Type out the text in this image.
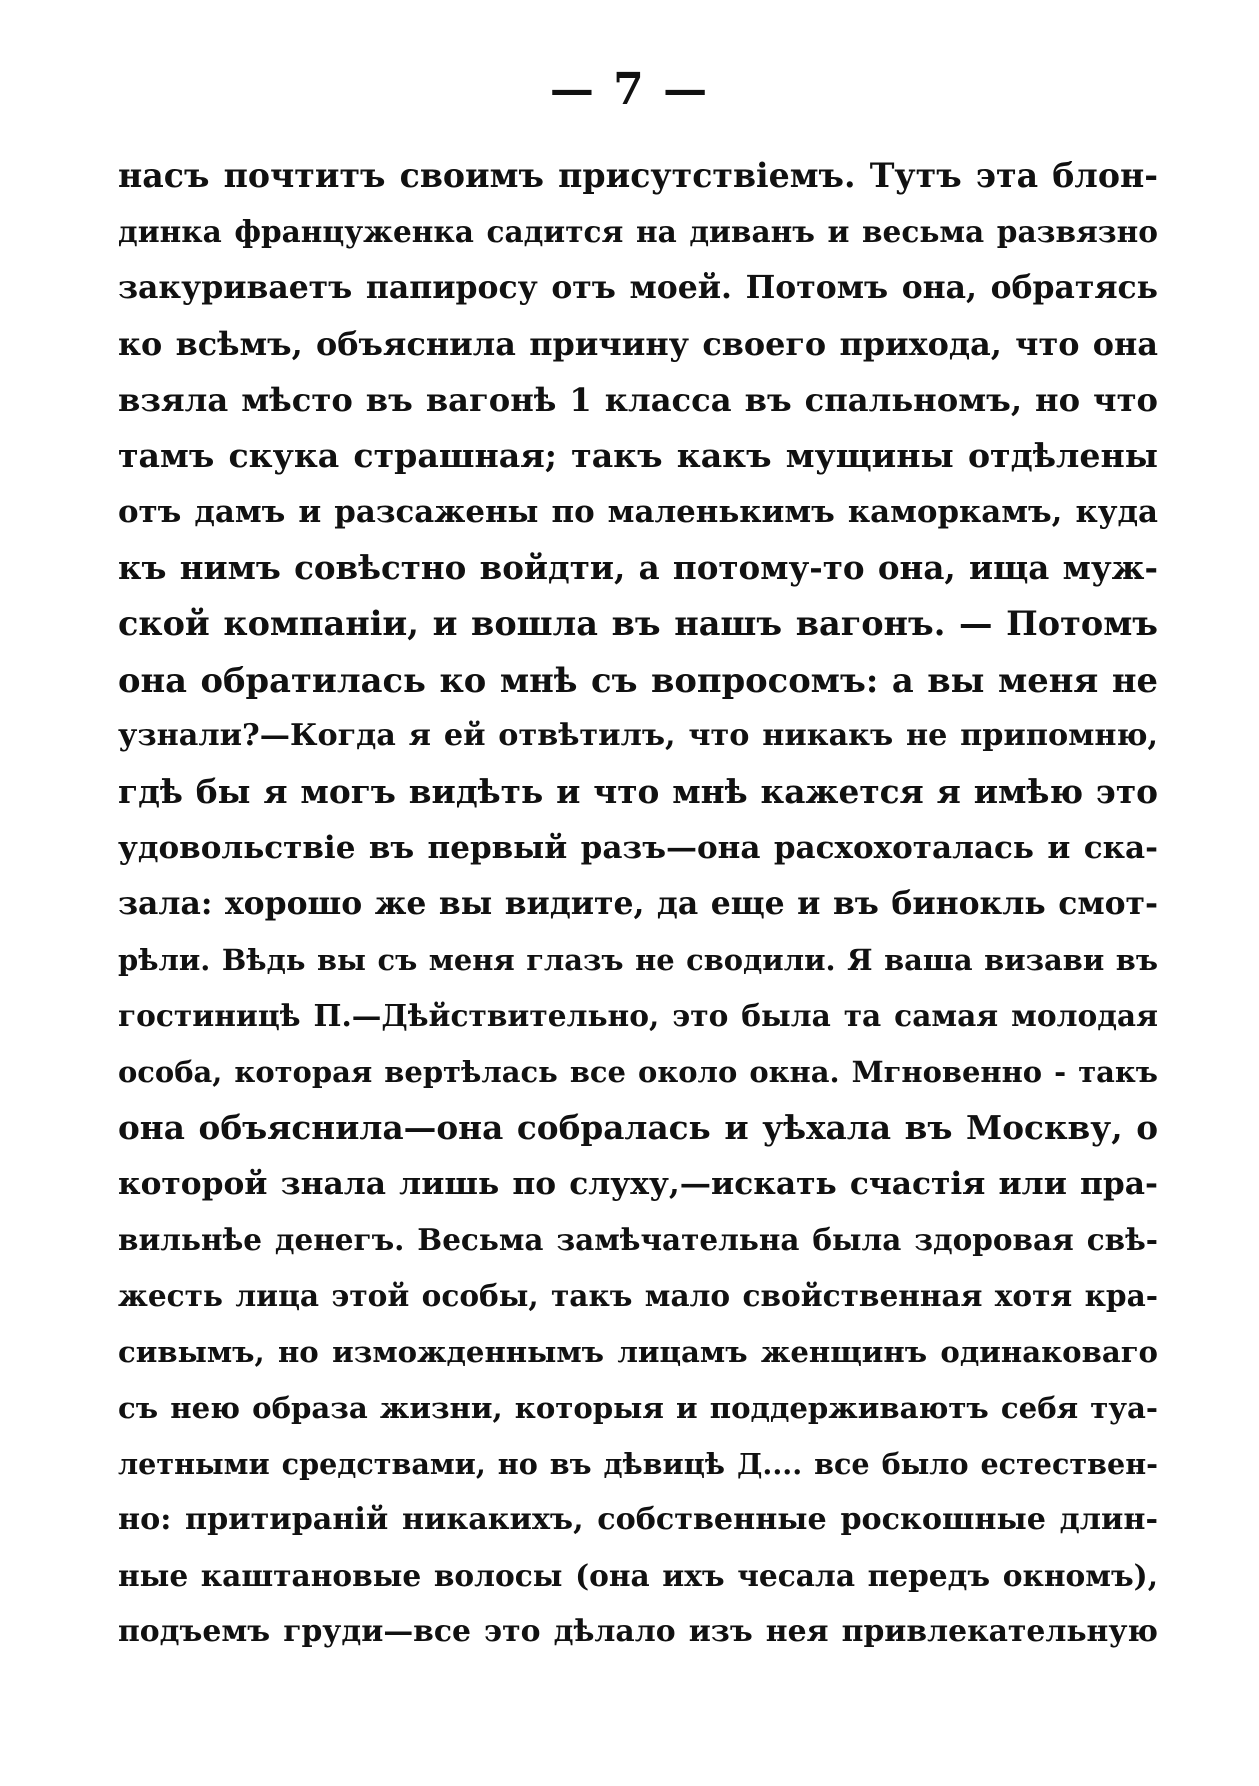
— 7 —
насъ почтитъ своимъ присутствіемъ. Тутъ эта блон-
динка француженка садится на диванъ и весьма развязно
закуриваетъ папиросу отъ моей. Потомъ она, обратясь
ко всѣмъ, объяснила причину своего прихода, что она
взяла мѣсто въ вагонѣ 1 класса въ спальномъ, но что
тамъ скука страшная; такъ какъ мущины отдѣлены
отъ дамъ и разсажены по маленькимъ каморкамъ, куда
къ нимъ совѣстно войдти, а потому-то она, ища муж-
ской компаніи, и вошла въ нашъ вагонъ. — Потомъ
она обратилась ко мнѣ съ вопросомъ: а вы меня не
узнали?—Когда я ей отвѣтилъ, что никакъ не припомню,
гдѣ бы я могъ видѣть и что мнѣ кажется я имѣю это
удовольствіе въ первый разъ—она расхохоталась и ска-
зала: хорошо же вы видите, да еще и въ бинокль смот-
рѣли. Вѣдь вы съ меня глазъ не сводили. Я ваша визави въ
гостиницѣ П.—Дѣйствительно, это была та самая молодая
особа, которая вертѣлась все около окна. Мгновенно - такъ
она объяснила—она собралась и уѣхала въ Москву, о
которой знала лишь по слуху,—искать счастія или пра-
вильнѣе денегъ. Весьма замѣчательна была здоровая свѣ-
жесть лица этой особы, такъ мало свойственная хотя кра-
сивымъ, но изможденнымъ лицамъ женщинъ одинаковаго
съ нею образа жизни, которыя и поддерживаютъ себя туа-
летными средствами, но въ дѣвицѣ Д.... все было естествен-
но: притираній никакихъ, собственные роскошные длин-
ные каштановые волосы (она ихъ чесала передъ окномъ),
подъемъ груди—все это дѣлало изъ нея привлекательную
